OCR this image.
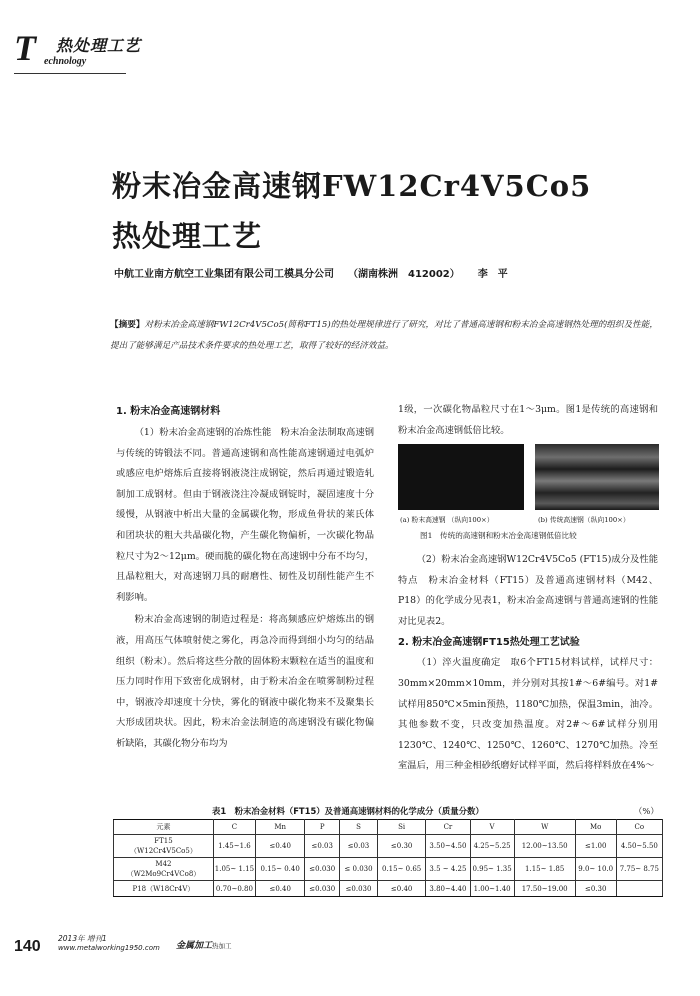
T 热处理工艺
echnology
粉末冶金高速钢FW12Cr4V5Co5
热处理工艺
中航工业南方航空工业集团有限公司工模具分公司 （湖南株洲　412002） 李　平
【摘要】对粉末冶金高速钢FW12Cr4V5Co5(简称FT15)的热处理规律进行了研究，对比了普通高速钢和粉末冶金高速钢热处理的组织及性能，提出了能够满足产品技术条件要求的热处理工艺，取得了较好的经济效益。
1. 粉末冶金高速钢材料

（1）粉末冶金高速钢的冶炼性能　粉末冶金法制取高速钢与传统的铸锻法不同。普通高速钢和高性能高速钢通过电弧炉或感应电炉熔炼后直接将钢液浇注成钢锭，然后再通过锻造轧制加工成钢材。但由于钢液浇注冷凝成钢锭时，凝固速度十分缓慢，从钢液中析出大量的金属碳化物，形成鱼骨状的莱氏体和团块状的粗大共晶碳化物，产生碳化物偏析，一次碳化物晶粒尺寸为2～12μm。硬而脆的碳化物在高速钢中分布不均匀，且晶粒粗大，对高速钢刀具的耐磨性、韧性及切削性能产生不利影响。

粉末冶金高速钢的制造过程是：将高频感应炉熔炼出的钢液，用高压气体喷射使之雾化，再急冷而得到细小均匀的结晶组织（粉末）。然后将这些分散的固体粉末颗粒在适当的温度和压力同时作用下致密化成钢材，由于粉末冶金在喷雾制粉过程中，钢液冷却速度十分快，雾化的钢液中碳化物来不及聚集长大形成团块状。因此，粉末冶金法制造的高速钢没有碳化物偏析缺陷，其碳化物分布均为

1级，一次碳化物晶粒尺寸在1～3μm。图1是传统的高速钢和粉末冶金高速钢低倍比较。

(a) 粉末高速钢 （纵向100×）	(b) 传统高速钢（纵向100×）
图1　传统的高速钢和粉末冶金高速钢低倍比较

（2）粉末冶金高速钢W12Cr4V5Co5 (FT15)成分及性能特点　粉末冶金材料（FT15）及普通高速钢材料（M42、P18）的化学成分见表1，粉末冶金高速钢与普通高速钢的性能对比见表2。

2. 粉末冶金高速钢FT15热处理工艺试验

（1）淬火温度确定　取6个FT15材料试样，试样尺寸：30mm×20mm×10mm，并分别对其按1#～6#编号。对1#试样用850℃×5min预热，1180℃加热，保温3min，油冷。其他参数不变，只改变加热温度。对2#～6#试样分别用1230℃、1240℃、1250℃、1260℃、1270℃加热。冷至室温后，用三种金相砂纸磨好试样平面，然后将样料放在4%～

表1　粉末冶金材料（FT15）及普通高速钢材料的化学成分（质量分数）	（%）
元素	C	Mn	P	S	Si	Cr	V	W	Mo	Co
FT15
（W12Cr4V5Co5）	1.45~1.6	≤0.40	≤0.03	≤0.03	≤0.30	3.50~4.50	4.25~5.25	12.00~13.50	≤1.00	4.50~5.50
M42
（W2Mo9Cr4VCo8）	1.05~ 1.15	0.15~ 0.40	≤0.030	≤ 0.030	0.15~ 0.65	3.5 ~ 4.25	0.95~ 1.35	1.15~ 1.85	9.0~ 10.0	7.75~ 8.75
P18（W18Cr4V）	0.70~0.80	≤0.40	≤0.030	≤0.030	≤0.40	3.80~4.40	1.00~1.40	17.50~19.00	≤0.30	
140 2013年 增刊1
www.metalworking1950.com 金属加工热加工
